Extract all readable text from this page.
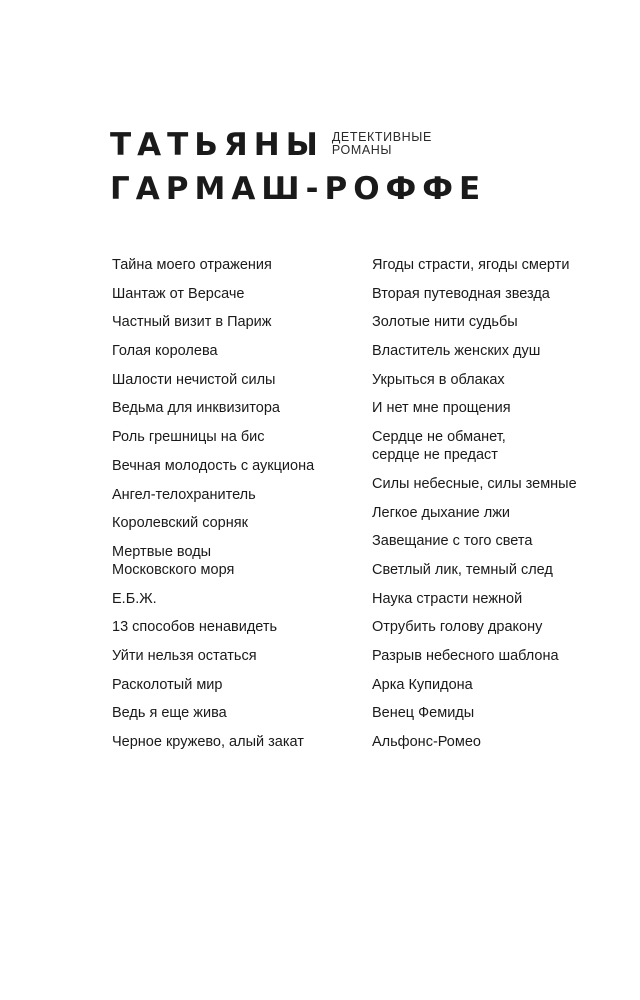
ТАТЬЯНЫ ДЕТЕКТИВНЫЕ
РОМАНЫ
ГАРМАШ-РОФФЕ
Тайна моего отражения
Шантаж от Версаче
Частный визит в Париж
Голая королева
Шалости нечистой силы
Ведьма для инквизитора
Роль грешницы на бис
Вечная молодость с аукциона
Ангел-телохранитель
Королевский сорняк
Мертвые воды
Московского моря
Е.Б.Ж.
13 способов ненавидеть
Уйти нельзя остаться
Расколотый мир
Ведь я еще жива
Черное кружево, алый закат
Ягоды страсти, ягоды смерти
Вторая путеводная звезда
Золотые нити судьбы
Властитель женских душ
Укрыться в облаках
И нет мне прощения
Сердце не обманет,
сердце не предаст
Силы небесные, силы земные
Легкое дыхание лжи
Завещание с того света
Светлый лик, темный след
Наука страсти нежной
Отрубить голову дракону
Разрыв небесного шаблона
Арка Купидона
Венец Фемиды
Альфонс-Ромео
